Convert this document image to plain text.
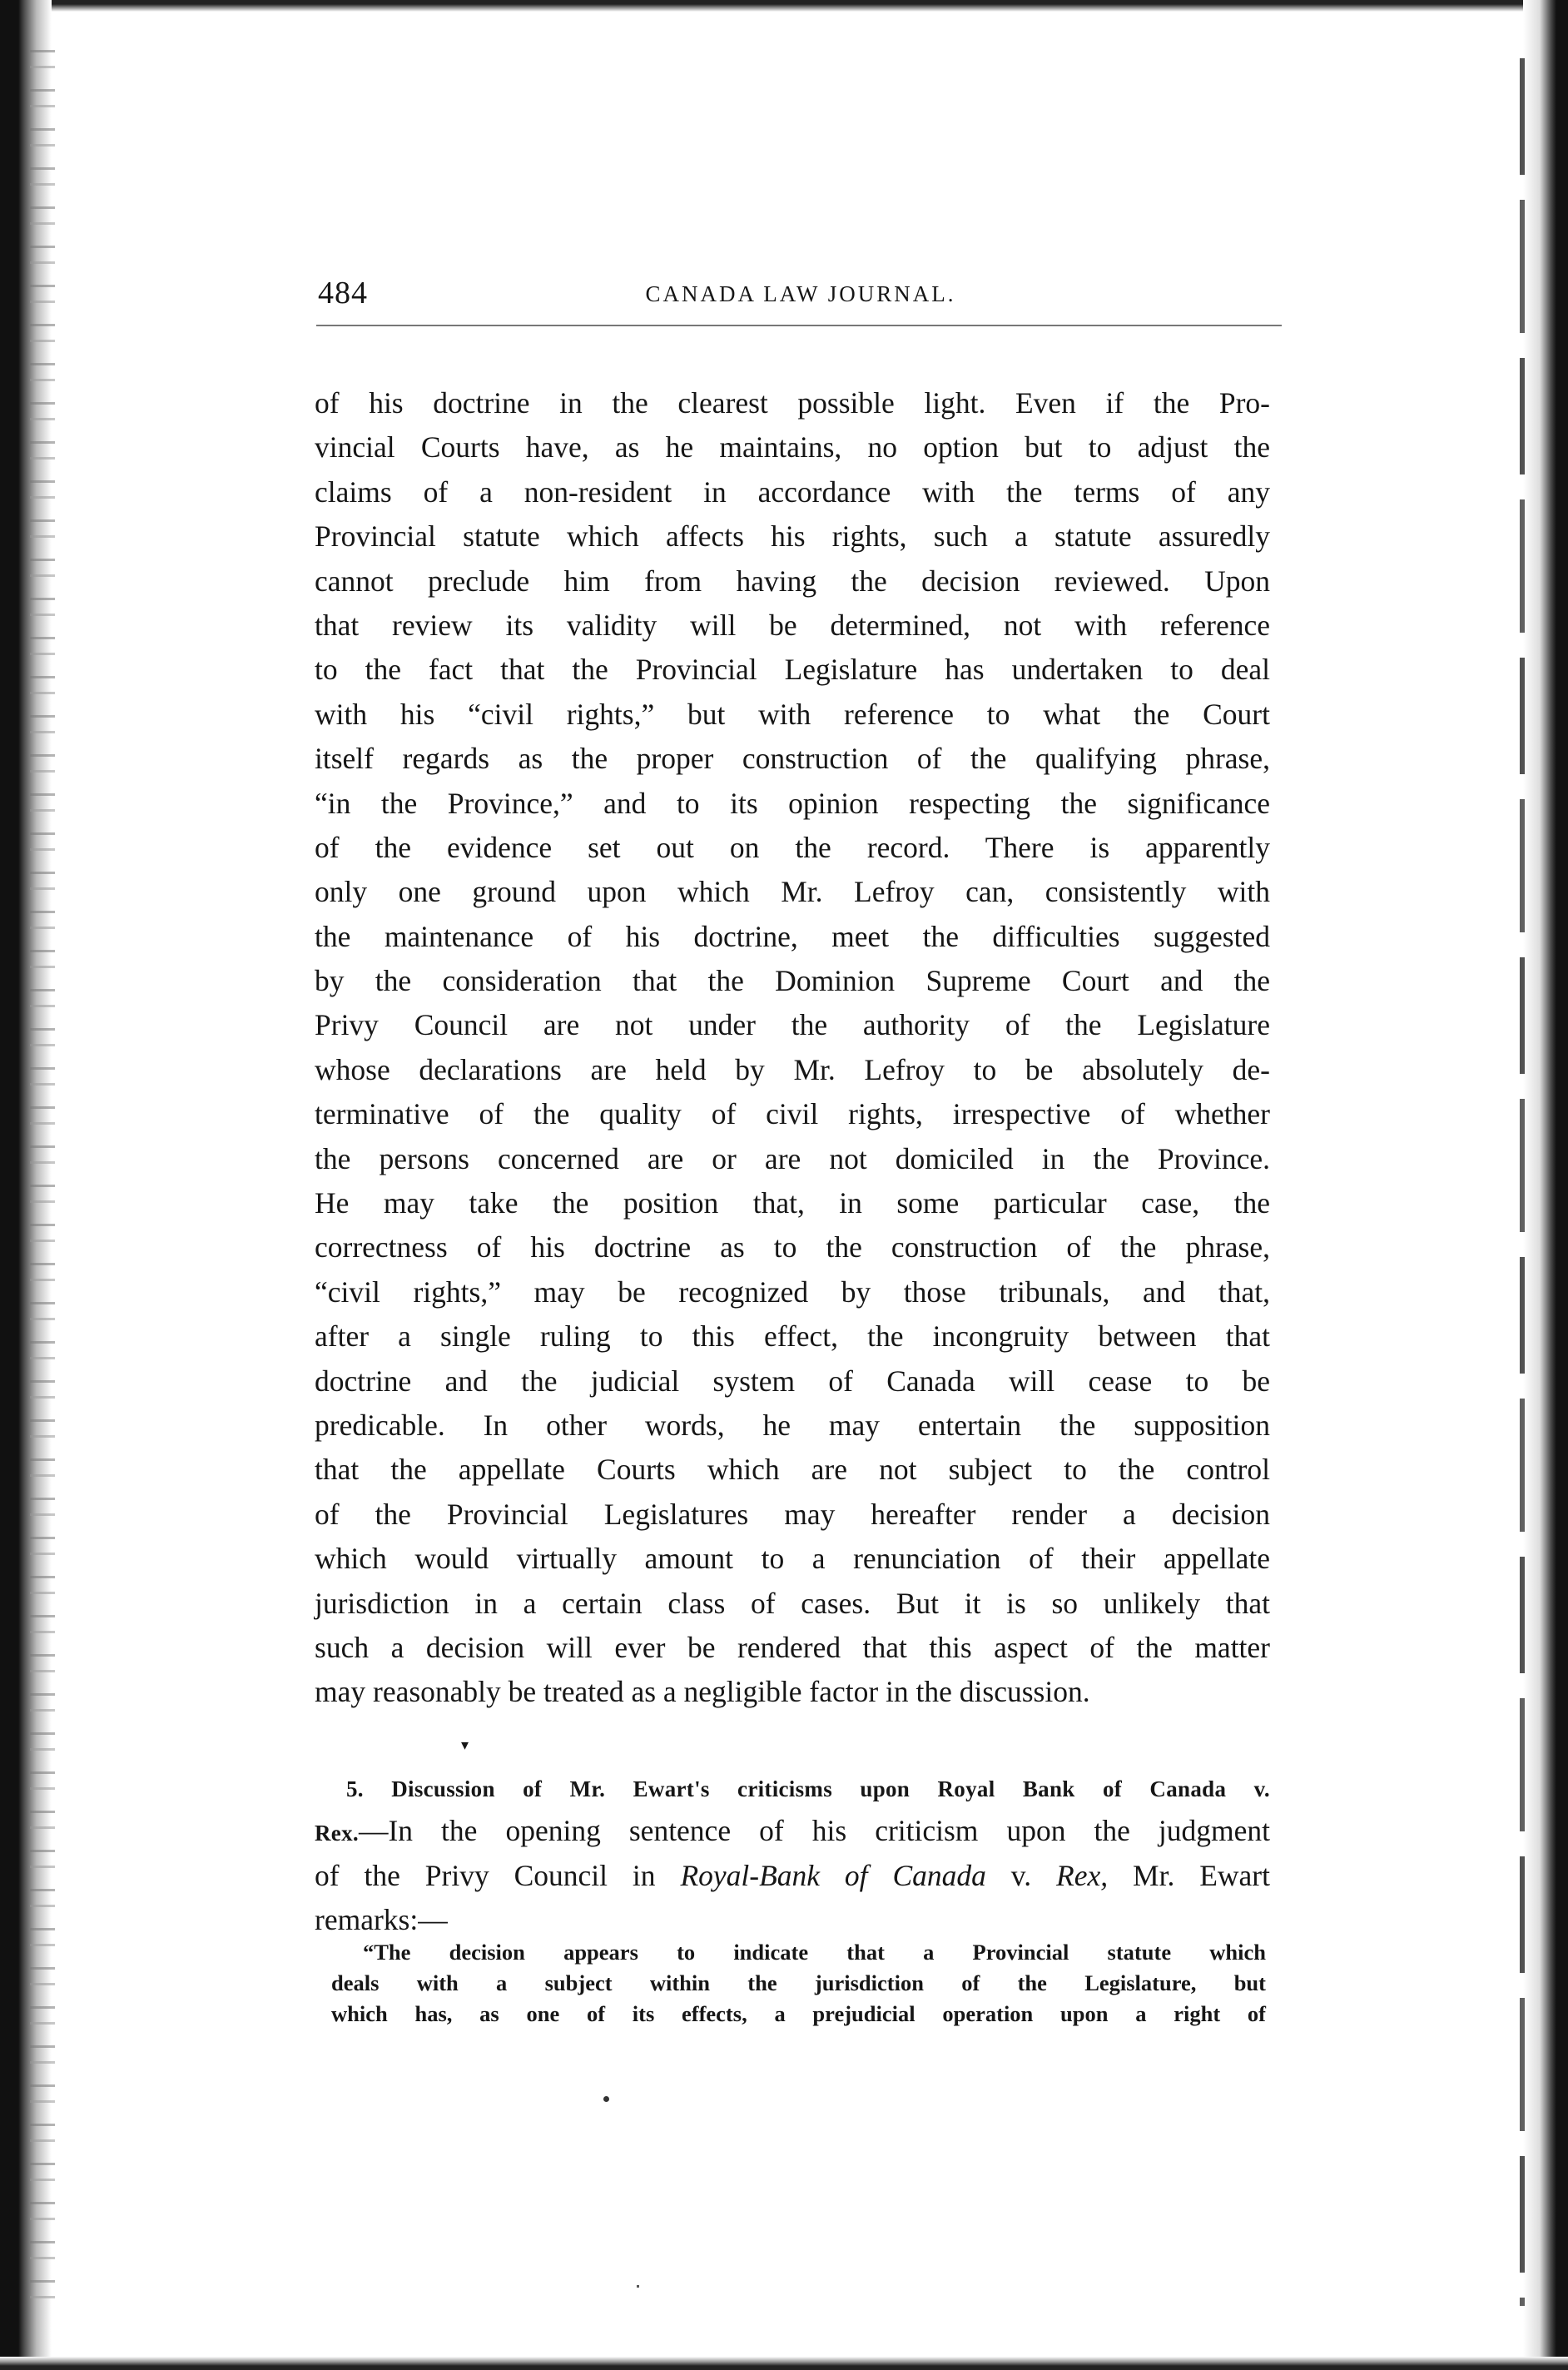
484	CANADA LAW JOURNAL.
of his doctrine in the clearest possible light. Even if the Pro-
vincial Courts have, as he maintains, no option but to adjust the
claims of a non-resident in accordance with the terms of any
Provincial statute which affects his rights, such a statute assuredly
cannot preclude him from having the decision reviewed. Upon
that review its validity will be determined, not with reference
to the fact that the Provincial Legislature has undertaken to deal
with his “civil rights,” but with reference to what the Court
itself regards as the proper construction of the qualifying phrase,
“in the Province,” and to its opinion respecting the significance
of the evidence set out on the record. There is apparently
only one ground upon which Mr. Lefroy can, consistently with
the maintenance of his doctrine, meet the difficulties suggested
by the consideration that the Dominion Supreme Court and the
Privy Council are not under the authority of the Legislature
whose declarations are held by Mr. Lefroy to be absolutely de-
terminative of the quality of civil rights, irrespective of whether
the persons concerned are or are not domiciled in the Province.
He may take the position that, in some particular case, the
correctness of his doctrine as to the construction of the phrase,
“civil rights,” may be recognized by those tribunals, and that,
after a single ruling to this effect, the incongruity between that
doctrine and the judicial system of Canada will cease to be
predicable. In other words, he may entertain the supposition
that the appellate Courts which are not subject to the control
of the Provincial Legislatures may hereafter render a decision
which would virtually amount to a renunciation of their appellate
jurisdiction in a certain class of cases. But it is so unlikely that
such a decision will ever be rendered that this aspect of the matter
may reasonably be treated as a negligible factor in the discussion.
▾
5. Discussion of Mr. Ewart's criticisms upon Royal Bank of Canada v.
Rex.—In the opening sentence of his criticism upon the judgment
of the Privy Council in Royal-Bank of Canada v. Rex, Mr. Ewart
remarks:—
“The decision appears to indicate that a Provincial statute which
deals with a subject within the jurisdiction of the Legislature, but
which has, as one of its effects, a prejudicial operation upon a right of
